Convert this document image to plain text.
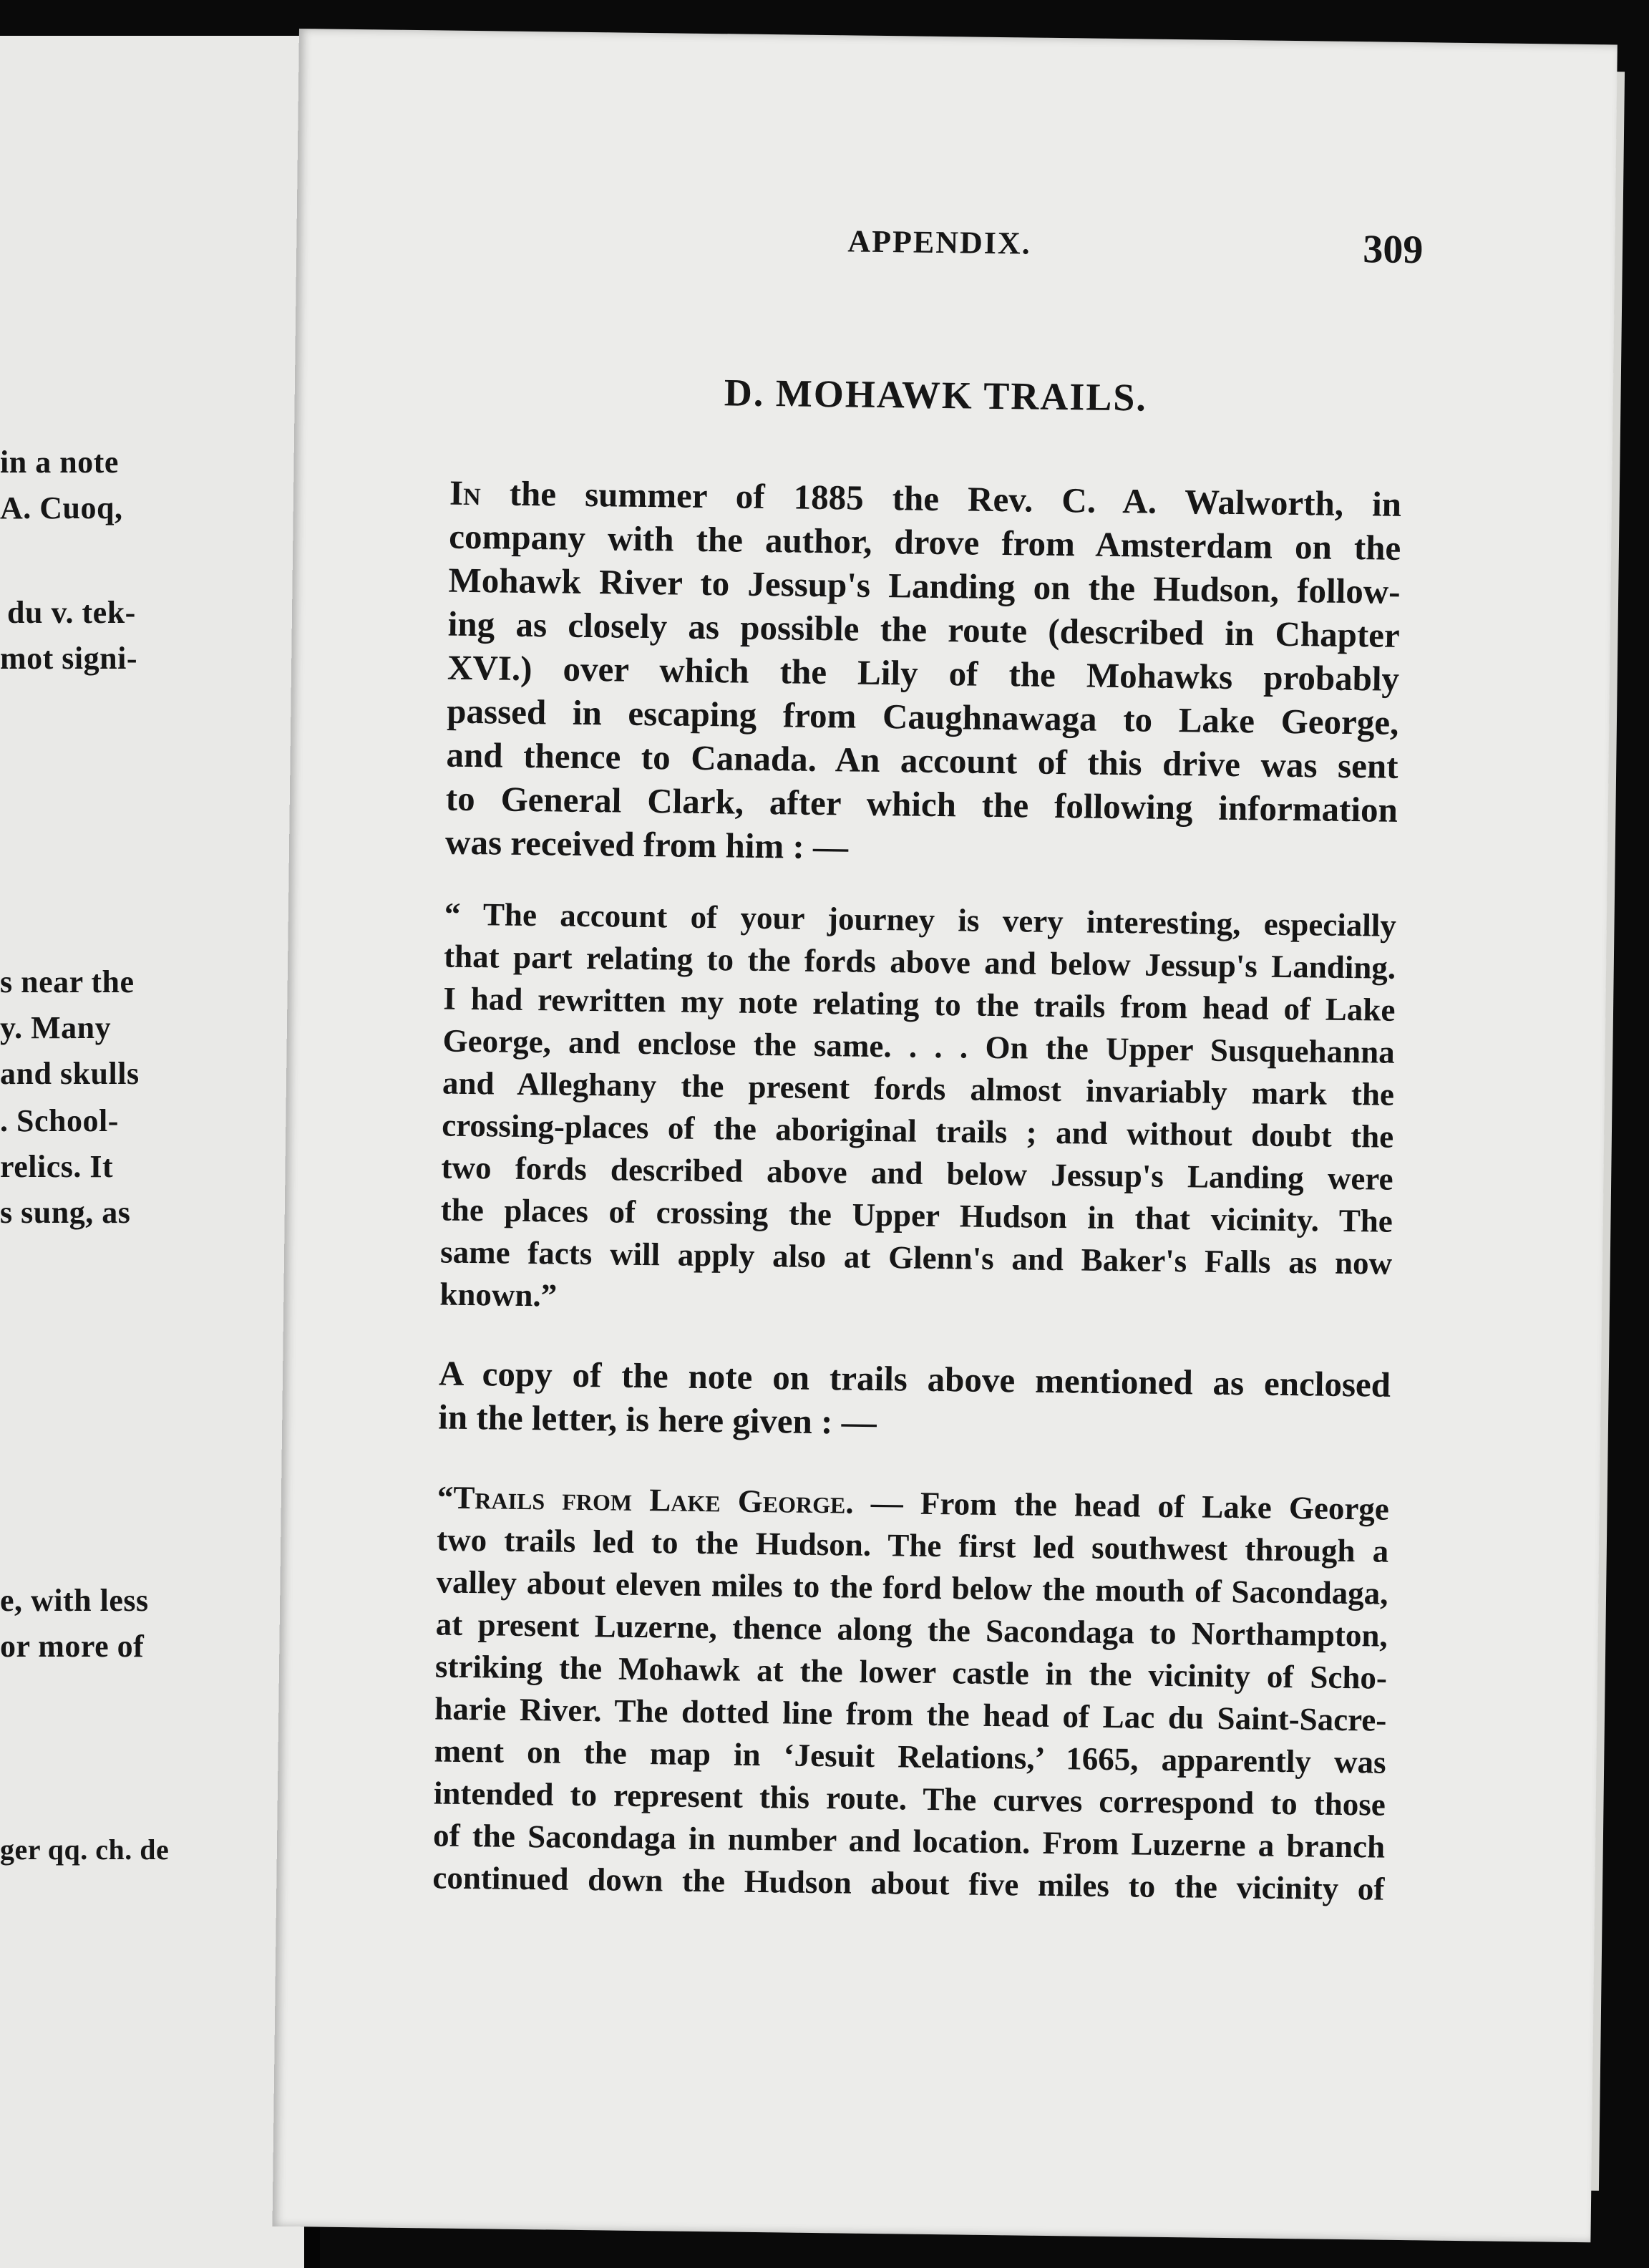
in a note
A. Cuoq,
du v. tek-
mot signi-
s near the
y. Many
and skulls
. School-
relics. It
s sung, as
e, with less
or more of
ger qq. ch. de
APPENDIX.	309
D. MOHAWK TRAILS.
In the summer of 1885 the Rev. C. A. Walworth, in
company with the author, drove from Amsterdam on the
Mohawk River to Jessup's Landing on the Hudson, follow-
ing as closely as possible the route (described in Chapter
XVI.) over which the Lily of the Mohawks probably
passed in escaping from Caughnawaga to Lake George,
and thence to Canada. An account of this drive was sent
to General Clark, after which the following information
was received from him : —
“ The account of your journey is very interesting, especially
that part relating to the fords above and below Jessup's Landing.
I had rewritten my note relating to the trails from head of Lake
George, and enclose the same. . . . On the Upper Susquehanna
and Alleghany the present fords almost invariably mark the
crossing-places of the aboriginal trails ; and without doubt the
two fords described above and below Jessup's Landing were
the places of crossing the Upper Hudson in that vicinity. The
same facts will apply also at Glenn's and Baker's Falls as now
known.”
A copy of the note on trails above mentioned as enclosed
in the letter, is here given : —
“Trails from Lake George. — From the head of Lake George
two trails led to the Hudson. The first led southwest through a
valley about eleven miles to the ford below the mouth of Sacondaga,
at present Luzerne, thence along the Sacondaga to Northampton,
striking the Mohawk at the lower castle in the vicinity of Scho-
harie River. The dotted line from the head of Lac du Saint-Sacre-
ment on the map in ‘Jesuit Relations,’ 1665, apparently was
intended to represent this route. The curves correspond to those
of the Sacondaga in number and location. From Luzerne a branch
continued down the Hudson about five miles to the vicinity of
